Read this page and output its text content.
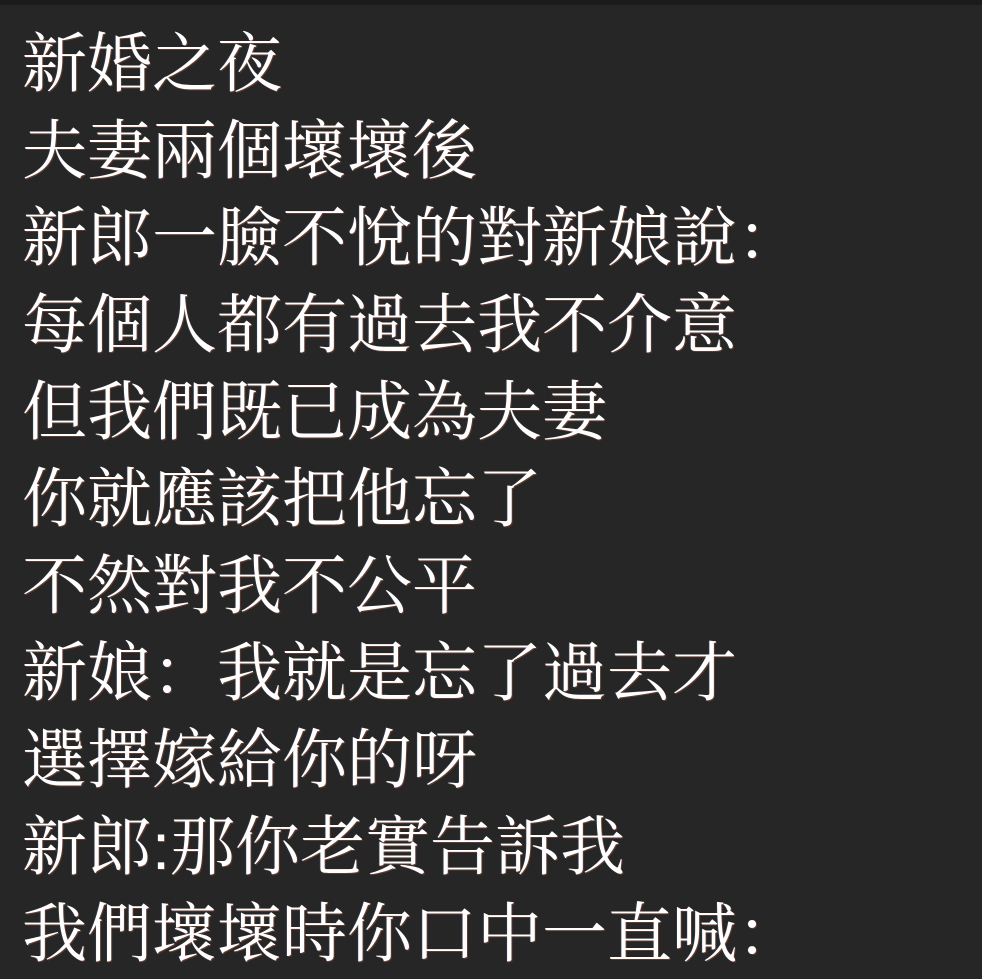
新婚之夜
夫妻兩個壞壞後
新郎一臉不悅的對新娘說：
每個人都有過去我不介意
但我們既已成為夫妻
你就應該把他忘了
不然對我不公平
新娘：我就是忘了過去才
選擇嫁給你的呀
新郎:那你老實告訴我
我們壞壞時你口中一直喊：
